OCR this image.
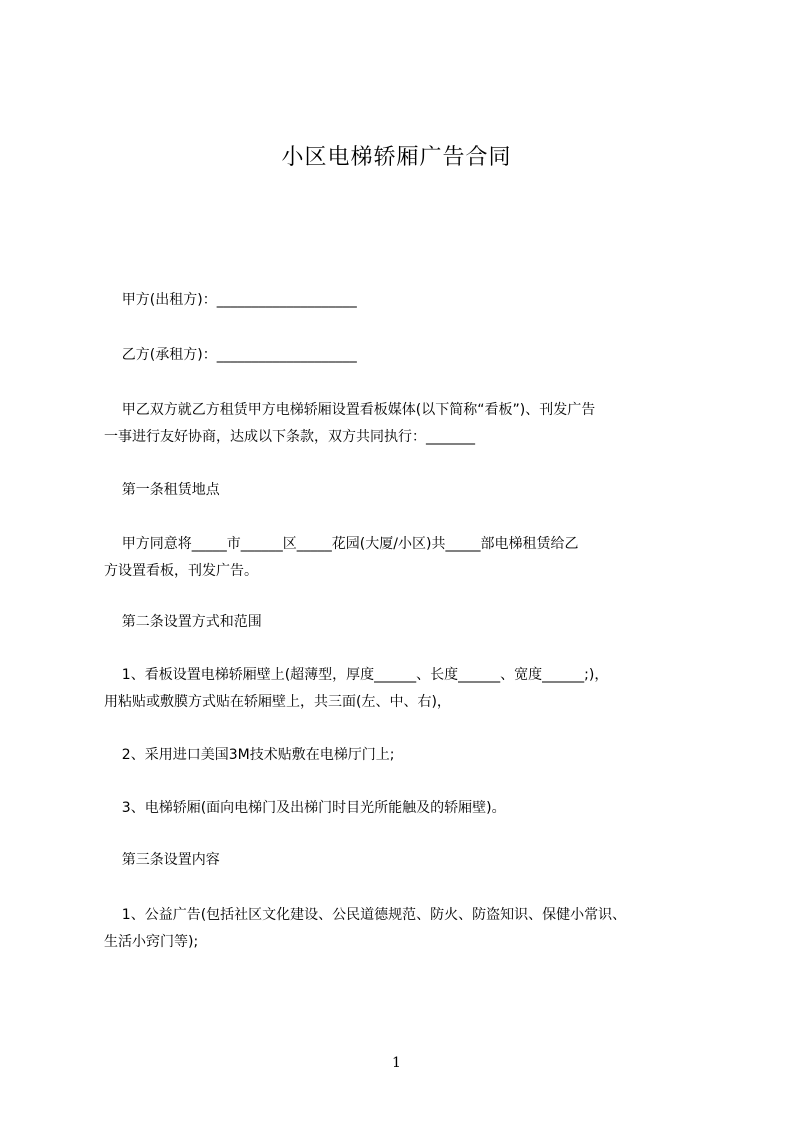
小区电梯轿厢广告合同

甲方(出租方)：____________________

乙方(承租方)：____________________

甲乙双方就乙方租赁甲方电梯轿厢设置看板媒体(以下简称“看板”)、刊发广告

一事进行友好协商，达成以下条款，双方共同执行：_______

第一条租赁地点

甲方同意将_____市______区_____花园(大厦/小区)共_____部电梯租赁给乙

方设置看板，刊发广告。

第二条设置方式和范围

1、看板设置电梯轿厢壁上(超薄型，厚度______、长度______、宽度______;)，

用粘贴或敷膜方式贴在轿厢壁上，共三面(左、中、右)，

2、采用进口美国3M技术贴敷在电梯厅门上;

3、电梯轿厢(面向电梯门及出梯门时目光所能触及的轿厢壁)。

第三条设置内容

1、公益广告(包括社区文化建设、公民道德规范、防火、防盗知识、保健小常识、

生活小窍门等);

1
